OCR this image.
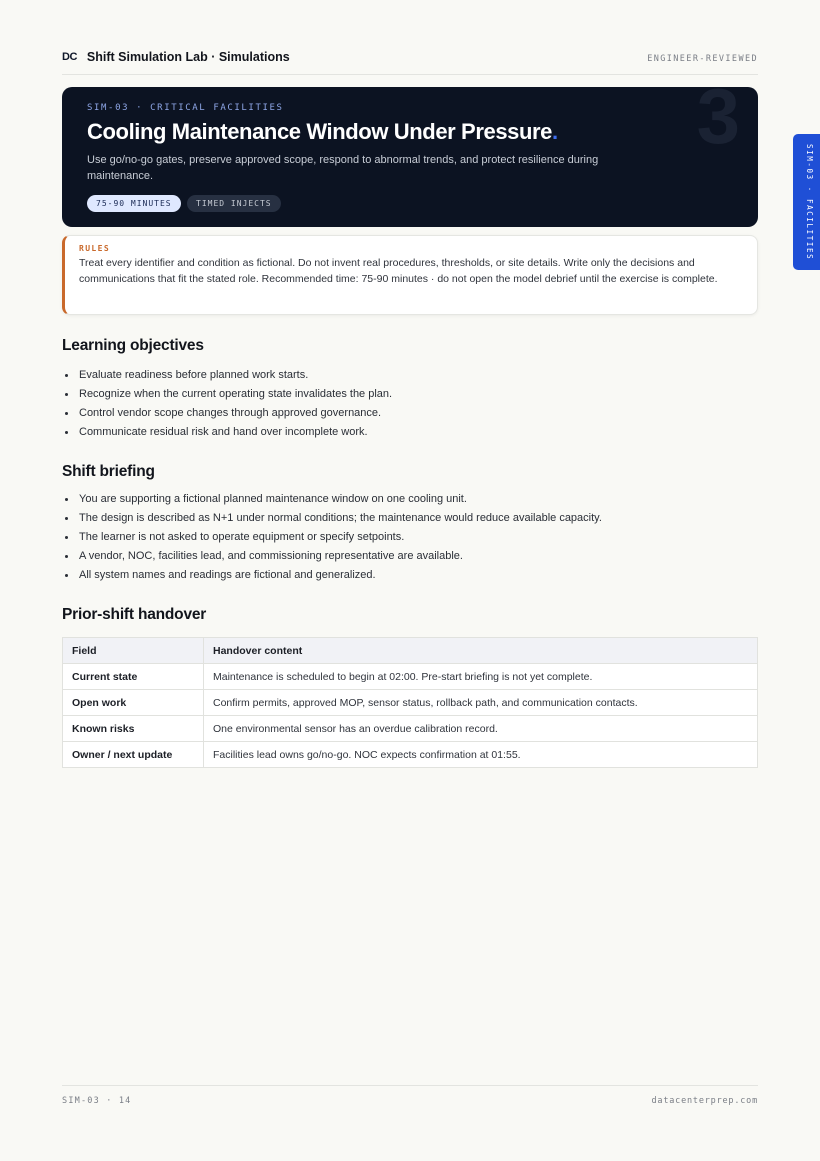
DC Shift Simulation Lab · Simulations	ENGINEER-REVIEWED
SIM-03 · FACILITIES
3
SIM-03 · CRITICAL FACILITIES
Cooling Maintenance Window Under Pressure.
Use go/no-go gates, preserve approved scope, respond to abnormal trends, and protect resilience during maintenance.
75-90 MINUTES	TIMED INJECTS
RULES
Treat every identifier and condition as fictional. Do not invent real procedures, thresholds, or site details. Write only the decisions and communications that fit the stated role. Recommended time: 75-90 minutes · do not open the model debrief until the exercise is complete.
Learning objectives
Evaluate readiness before planned work starts.
Recognize when the current operating state invalidates the plan.
Control vendor scope changes through approved governance.
Communicate residual risk and hand over incomplete work.
Shift briefing
You are supporting a fictional planned maintenance window on one cooling unit.
The design is described as N+1 under normal conditions; the maintenance would reduce available capacity.
The learner is not asked to operate equipment or specify setpoints.
A vendor, NOC, facilities lead, and commissioning representative are available.
All system names and readings are fictional and generalized.
Prior-shift handover
Field	Handover content
Current state	Maintenance is scheduled to begin at 02:00. Pre-start briefing is not yet complete.
Open work	Confirm permits, approved MOP, sensor status, rollback path, and communication contacts.
Known risks	One environmental sensor has an overdue calibration record.
Owner / next update	Facilities lead owns go/no-go. NOC expects confirmation at 01:55.
SIM-03 · 14	datacenterprep.com
